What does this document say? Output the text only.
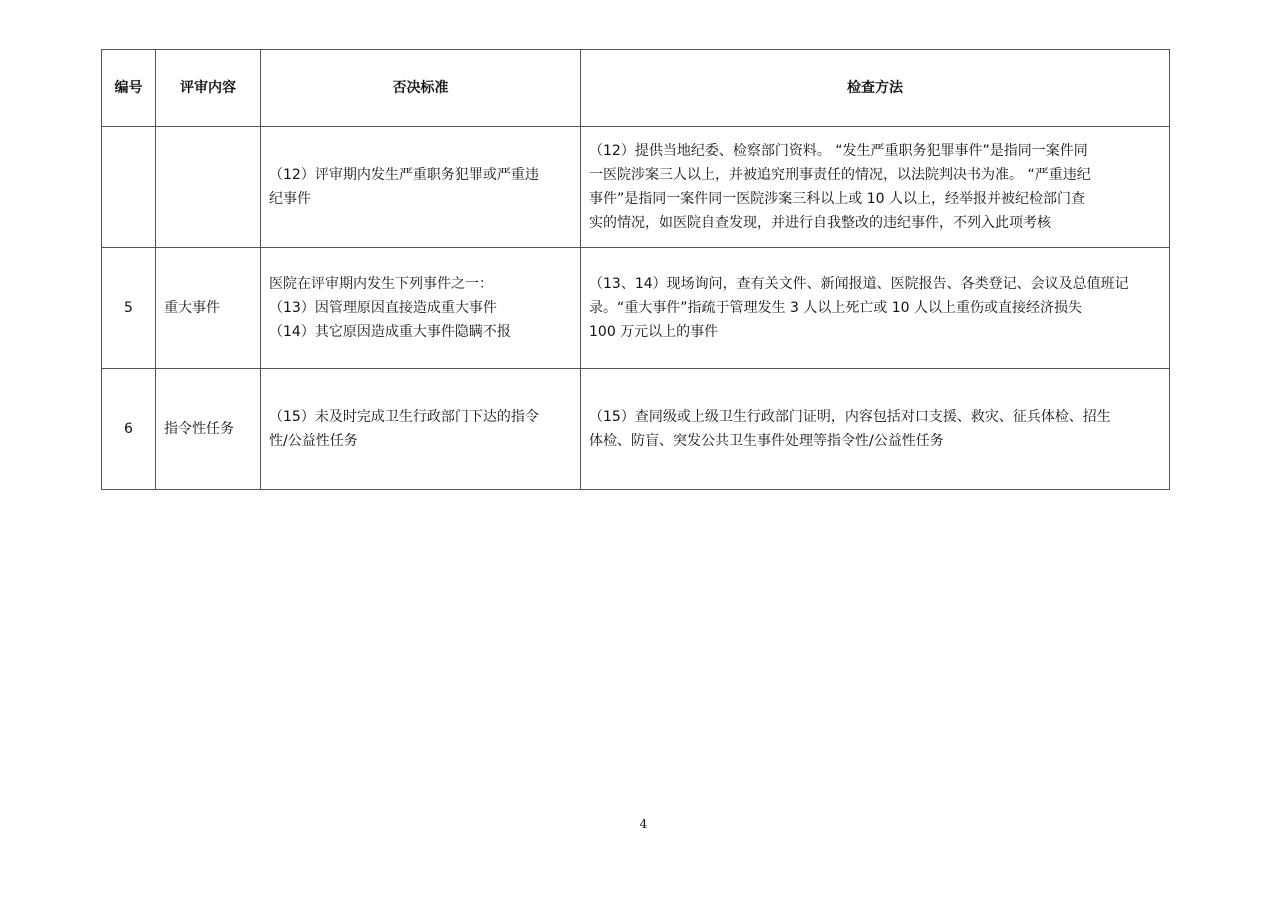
编号	评审内容	否决标准	检查方法

		（12）评审期内发生严重职务犯罪或严重违
纪事件	（12）提供当地纪委、检察部门资料。 “发生严重职务犯罪事件”是指同一案件同
一医院涉案三人以上，并被追究刑事责任的情况，以法院判决书为准。 “严重违纪
事件”是指同一案件同一医院涉案三科以上或 10 人以上，经举报并被纪检部门查
实的情况，如医院自查发现，并进行自我整改的违纪事件，不列入此项考核

5	重大事件	医院在评审期内发生下列事件之一：
（13）因管理原因直接造成重大事件
（14）其它原因造成重大事件隐瞒不报	（13、14）现场询问，查有关文件、新闻报道、医院报告、各类登记、会议及总值班记
录。“重大事件”指疏于管理发生 3 人以上死亡或 10 人以上重伤或直接经济损失
100 万元以上的事件

6	指令性任务	（15）未及时完成卫生行政部门下达的指令
性/公益性任务	（15）查同级或上级卫生行政部门证明，内容包括对口支援、救灾、征兵体检、招生
体检、防盲、突发公共卫生事件处理等指令性/公益性任务
4
